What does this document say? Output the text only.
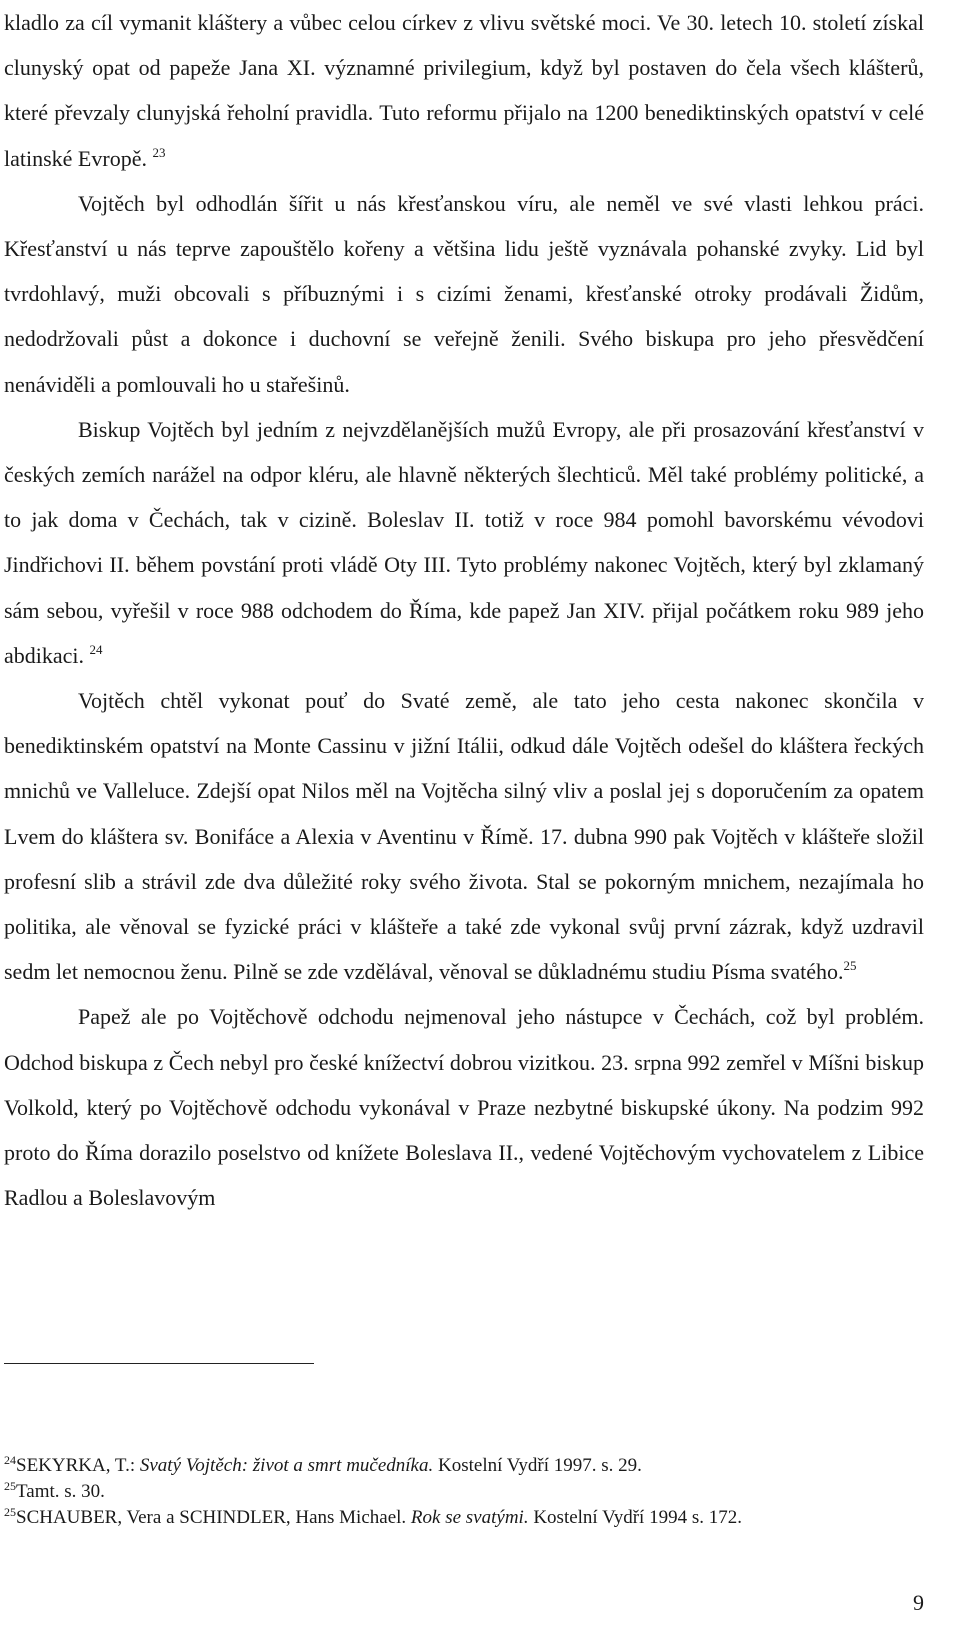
kladlo za cíl vymanit kláštery a vůbec celou církev z vlivu světské moci. Ve 30. letech 10. století získal clunyský opat od papeže Jana XI. významné privilegium, když byl postaven do čela všech klášterů, které převzaly clunyjská řeholní pravidla. Tuto reformu přijalo na 1200 benediktinských opatství v celé latinské Evropě. $^{23}$

Vojtěch byl odhodlán šířit u nás křesťanskou víru, ale neměl ve své vlasti lehkou práci. Křesťanství u nás teprve zapouštělo kořeny a většina lidu ještě vyznávala pohanské zvyky. Lid byl tvrdohlavý, muži obcovali s příbuznými i s cizími ženami, křesťanské otroky prodávali Židům, nedodržovali půst a dokonce i duchovní se veřejně ženili. Svého biskupa pro jeho přesvědčení nenáviděli a pomlouvali ho u stařešinů.

Biskup Vojtěch byl jedním z nejvzdělanějších mužů Evropy, ale při prosazování křesťanství v českých zemích narážel na odpor kléru, ale hlavně některých šlechticů. Měl také problémy politické, a to jak doma v Čechách, tak v cizině. Boleslav II. totiž v roce 984 pomohl bavorskému vévodovi Jindřichovi II. během povstání proti vládě Oty III. Tyto problémy nakonec Vojtěch, který byl zklamaný sám sebou, vyřešil v roce 988 odchodem do Říma, kde papež Jan XIV. přijal počátkem roku 989 jeho abdikaci. $^{24}$

Vojtěch chtěl vykonat pouť do Svaté země, ale tato jeho cesta nakonec skončila v benediktinském opatství na Monte Cassinu v jižní Itálii, odkud dále Vojtěch odešel do kláštera řeckých mnichů ve Valleluce. Zdejší opat Nilos měl na Vojtěcha silný vliv a poslal jej s doporučením za opatem Lvem do kláštera sv. Bonifáce a Alexia v Aventinu v Římě. 17. dubna 990 pak Vojtěch v klášteře složil profesní slib a strávil zde dva důležité roky svého života. Stal se pokorným mnichem, nezajímala ho politika, ale věnoval se fyzické práci v klášteře a také zde vykonal svůj první zázrak, když uzdravil sedm let nemocnou ženu. Pilně se zde vzdělával, věnoval se důkladnému studiu Písma svatého.$^{25}$

Papež ale po Vojtěchově odchodu nejmenoval jeho nástupce v Čechách, což byl problém. Odchod biskupa z Čech nebyl pro české knížectví dobrou vizitkou. 23. srpna 992 zemřel v Míšni biskup Volkold, který po Vojtěchově odchodu vykonával v Praze nezbytné biskupské úkony. Na podzim 992 proto do Říma dorazilo poselstvo od knížete Boleslava II., vedené Vojtěchovým vychovatelem z Libice Radlou a Boleslavovým

$^{24}$SEKYRKA, T.: Svatý Vojtěch: život a smrt mučedníka. Kostelní Vydří 1997. s. 29.
$^{25}$Tamt. s. 30.
$^{25}$SCHAUBER, Vera a SCHINDLER, Hans Michael. Rok se svatými. Kostelní Vydří 1994 s. 172.
9
